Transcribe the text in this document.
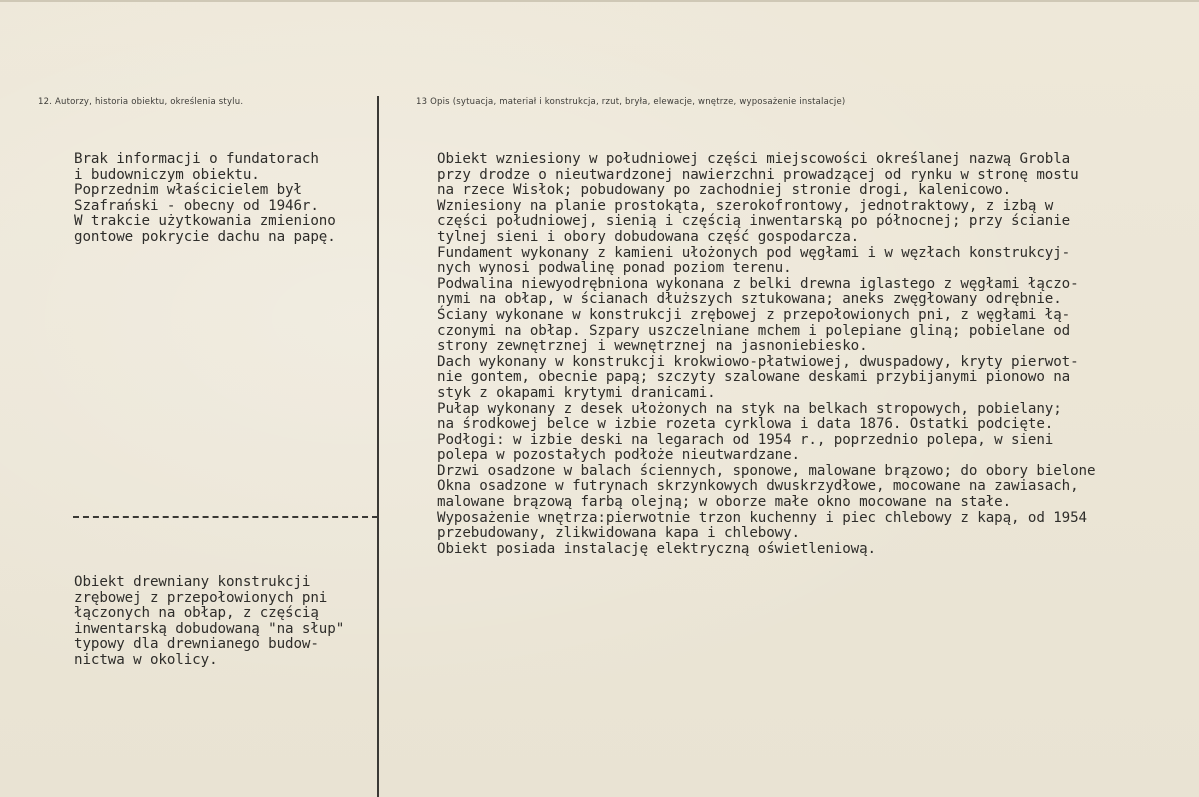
12. Autorzy, historia obiektu, określenia stylu.	13 Opis (sytuacja, materiał i konstrukcja, rzut, bryła, elewacje, wnętrze, wyposażenie instalacje)
Brak informacji o fundatorach
i budowniczym obiektu.
Poprzednim właścicielem był
Szafrański - obecny od 1946r.
W trakcie użytkowania zmieniono
gontowe pokrycie dachu na papę.
Obiekt drewniany konstrukcji
zrębowej z przepołowionych pni
łączonych na obłap, z częścią
inwentarską dobudowaną "na słup"
typowy dla drewnianego budow-
nictwa w okolicy.
Obiekt wzniesiony w południowej części miejscowości określanej nazwą Grobla
przy drodze o nieutwardzonej nawierzchni prowadzącej od rynku w stronę mostu
na rzece Wisłok; pobudowany po zachodniej stronie drogi, kalenicowo.
Wzniesiony na planie prostokąta, szerokofrontowy, jednotraktowy, z izbą w
części południowej, sienią i częścią inwentarską po północnej; przy ścianie
tylnej sieni i obory dobudowana część gospodarcza.
Fundament wykonany z kamieni ułożonych pod węgłami i w węzłach konstrukcyj-
nych wynosi podwalinę ponad poziom terenu.
Podwalina niewyodrębniona wykonana z belki drewna iglastego z węgłami łączo-
nymi na obłap, w ścianach dłuższych sztukowana; aneks zwęgłowany odrębnie.
Ściany wykonane w konstrukcji zrębowej z przepołowionych pni, z węgłami łą-
czonymi na obłap. Szpary uszczelniane mchem i polepiane gliną; pobielane od
strony zewnętrznej i wewnętrznej na jasnoniebiesko.
Dach wykonany w konstrukcji krokwiowo-płatwiowej, dwuspadowy, kryty pierwot-
nie gontem, obecnie papą; szczyty szalowane deskami przybijanymi pionowo na
styk z okapami krytymi dranicami.
Pułap wykonany z desek ułożonych na styk na belkach stropowych, pobielany;
na środkowej belce w izbie rozeta cyrklowa i data 1876. Ostatki podcięte.
Podłogi: w izbie deski na legarach od 1954 r., poprzednio polepa, w sieni
polepa w pozostałych podłoże nieutwardzane.
Drzwi osadzone w balach ściennych, sponowe, malowane brązowo; do obory bielone
Okna osadzone w futrynach skrzynkowych dwuskrzydłowe, mocowane na zawiasach,
malowane brązową farbą olejną; w oborze małe okno mocowane na stałe.
Wyposażenie wnętrza:pierwotnie trzon kuchenny i piec chlebowy z kapą, od 1954
przebudowany, zlikwidowana kapa i chlebowy.
Obiekt posiada instalację elektryczną oświetleniową.
